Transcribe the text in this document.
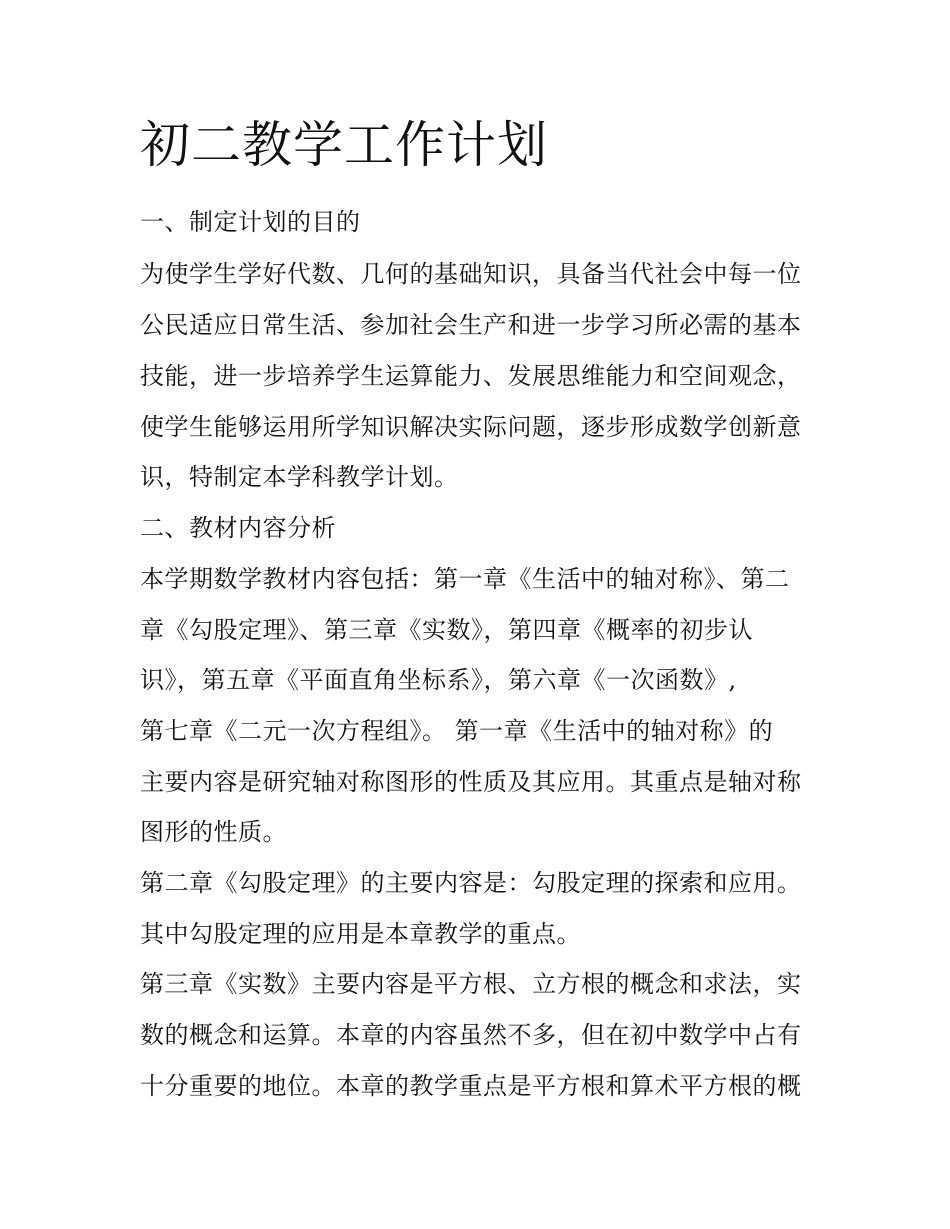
初二教学工作计划
一、制定计划的目的
为使学生学好代数、几何的基础知识，具备当代社会中每一位
公民适应日常生活、参加社会生产和进一步学习所必需的基本
技能，进一步培养学生运算能力、发展思维能力和空间观念，
使学生能够运用所学知识解决实际问题，逐步形成数学创新意
识，特制定本学科教学计划。
二、教材内容分析
本学期数学教材内容包括：第一章《生活中的轴对称》、第二
章《勾股定理》、第三章《实数》，第四章《概率的初步认
识》，第五章《平面直角坐标系》，第六章《一次函数》,
第七章《二元一次方程组》。 第一章《生活中的轴对称》的
主要内容是研究轴对称图形的性质及其应用。其重点是轴对称
图形的性质。
第二章《勾股定理》的主要内容是：勾股定理的探索和应用。
其中勾股定理的应用是本章教学的重点。
第三章《实数》主要内容是平方根、立方根的概念和求法，实
数的概念和运算。本章的内容虽然不多，但在初中数学中占有
十分重要的地位。本章的教学重点是平方根和算术平方根的概
